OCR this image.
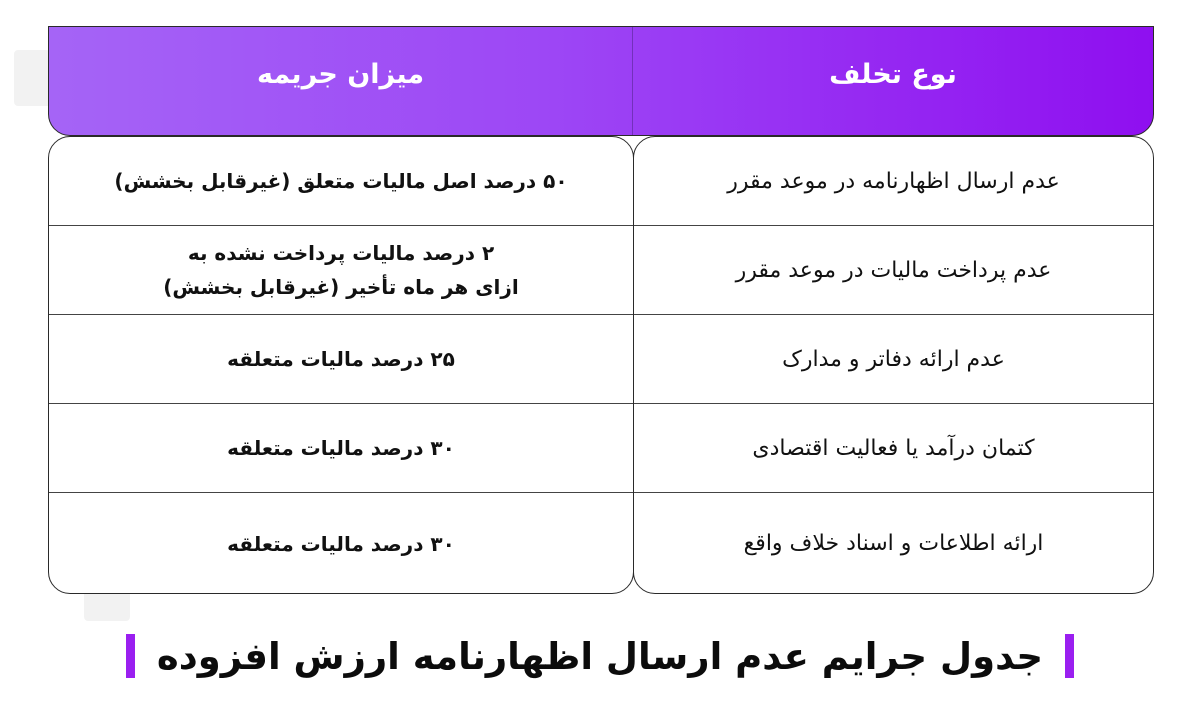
نوع تخلف
میزان جریمه
عدم ارسال اظهارنامه در موعد مقرر
عدم پرداخت مالیات در موعد مقرر
عدم ارائه دفاتر و مدارک
کتمان درآمد یا فعالیت اقتصادی
ارائه اطلاعات و اسناد خلاف واقع
۵۰ درصد اصل مالیات متعلق (غیرقابل بخشش)
۲ درصد مالیات پرداخت نشده به
ازای هر ماه تأخیر (غیرقابل بخشش)
۲۵ درصد مالیات متعلقه
۳۰ درصد مالیات متعلقه
۳۰ درصد مالیات متعلقه
جدول جرایم عدم ارسال اظهارنامه ارزش افزوده
